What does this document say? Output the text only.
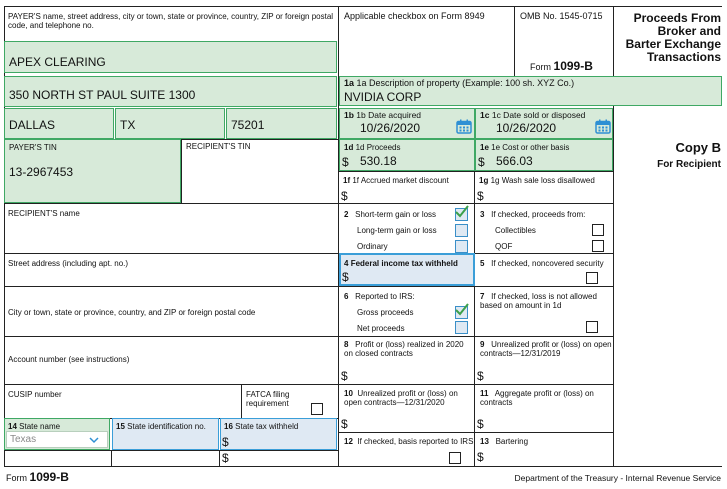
PAYER'S name, street address, city or town, state or province, country, ZIP or foreign postal code, and telephone no.
APEX CLEARING
350 NORTH ST PAUL SUITE 1300
DALLAS	TX	75201
Applicable checkbox on Form 8949	OMB No. 1545-0715
Form 1099-B
Proceeds From
Broker and
Barter Exchange
Transactions
Copy B
For Recipient
1a 1a Description of property (Example: 100 sh. XYZ Co.)
NVIDIA CORP
1b 1b Date acquired
10/26/2020
1c 1c Date sold or disposed
10/26/2020
PAYER'S TIN
13-2967453
RECIPIENT'S TIN	1d 1d Proceeds
$ 530.18
1e 1e Cost or other basis
$ 566.03
1f 1f Accrued market discount
$
1g 1g Wash sale loss disallowed
$
RECIPIENT'S name	2 Short-term gain or loss
Long-term gain or loss
Ordinary
3 If checked, proceeds from:
Collectibles
QOF
Street address (including apt. no.)	4 Federal income tax withheld
$
5 If checked, noncovered security
City or town, state or province, country, and ZIP or foreign postal code
6 Reported to IRS:
Gross proceeds
Net proceeds
7 If checked, loss is not allowed based on amount in 1d
Account number (see instructions)
8 Profit or (loss) realized in 2020 on closed contracts
$
9 Unrealized profit or (loss) on open contracts—12/31/2019
$
CUSIP number	FATCA filing requirement
10 Unrealized profit or (loss) on open contracts—12/31/2020
$
11 Aggregate profit or (loss) on contracts
$
12 If checked, basis reported to IRS 13 Bartering
$
14 State name
Texas
15 State identification no. 16 State tax withheld
$
$
Form 1099-B	Department of the Treasury - Internal Revenue Service
